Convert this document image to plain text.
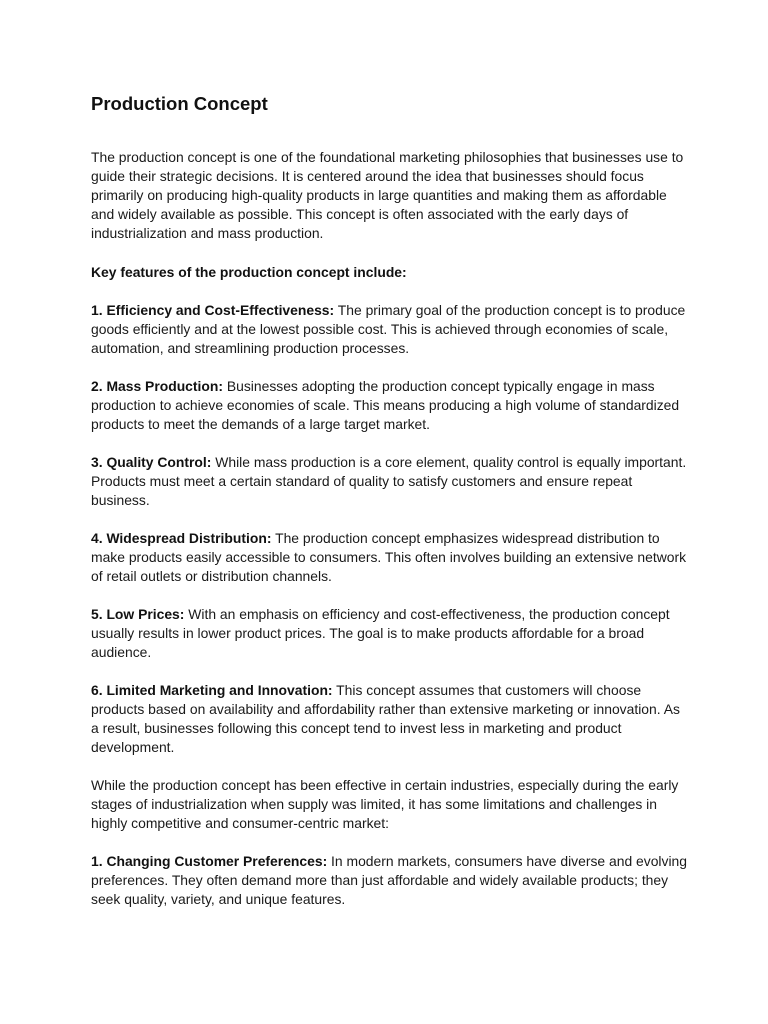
Production Concept

The production concept is one of the foundational marketing philosophies that businesses use to guide their strategic decisions. It is centered around the idea that businesses should focus primarily on producing high-quality products in large quantities and making them as affordable and widely available as possible. This concept is often associated with the early days of industrialization and mass production.

Key features of the production concept include:

1. Efficiency and Cost-Effectiveness: The primary goal of the production concept is to produce goods efficiently and at the lowest possible cost. This is achieved through economies of scale, automation, and streamlining production processes.

2. Mass Production: Businesses adopting the production concept typically engage in mass production to achieve economies of scale. This means producing a high volume of standardized products to meet the demands of a large target market.

3. Quality Control: While mass production is a core element, quality control is equally important. Products must meet a certain standard of quality to satisfy customers and ensure repeat business.

4. Widespread Distribution: The production concept emphasizes widespread distribution to make products easily accessible to consumers. This often involves building an extensive network of retail outlets or distribution channels.

5. Low Prices: With an emphasis on efficiency and cost-effectiveness, the production concept usually results in lower product prices. The goal is to make products affordable for a broad audience.

6. Limited Marketing and Innovation: This concept assumes that customers will choose products based on availability and affordability rather than extensive marketing or innovation. As a result, businesses following this concept tend to invest less in marketing and product development.

While the production concept has been effective in certain industries, especially during the early stages of industrialization when supply was limited, it has some limitations and challenges in highly competitive and consumer-centric market:

1. Changing Customer Preferences: In modern markets, consumers have diverse and evolving preferences. They often demand more than just affordable and widely available products; they seek quality, variety, and unique features.
